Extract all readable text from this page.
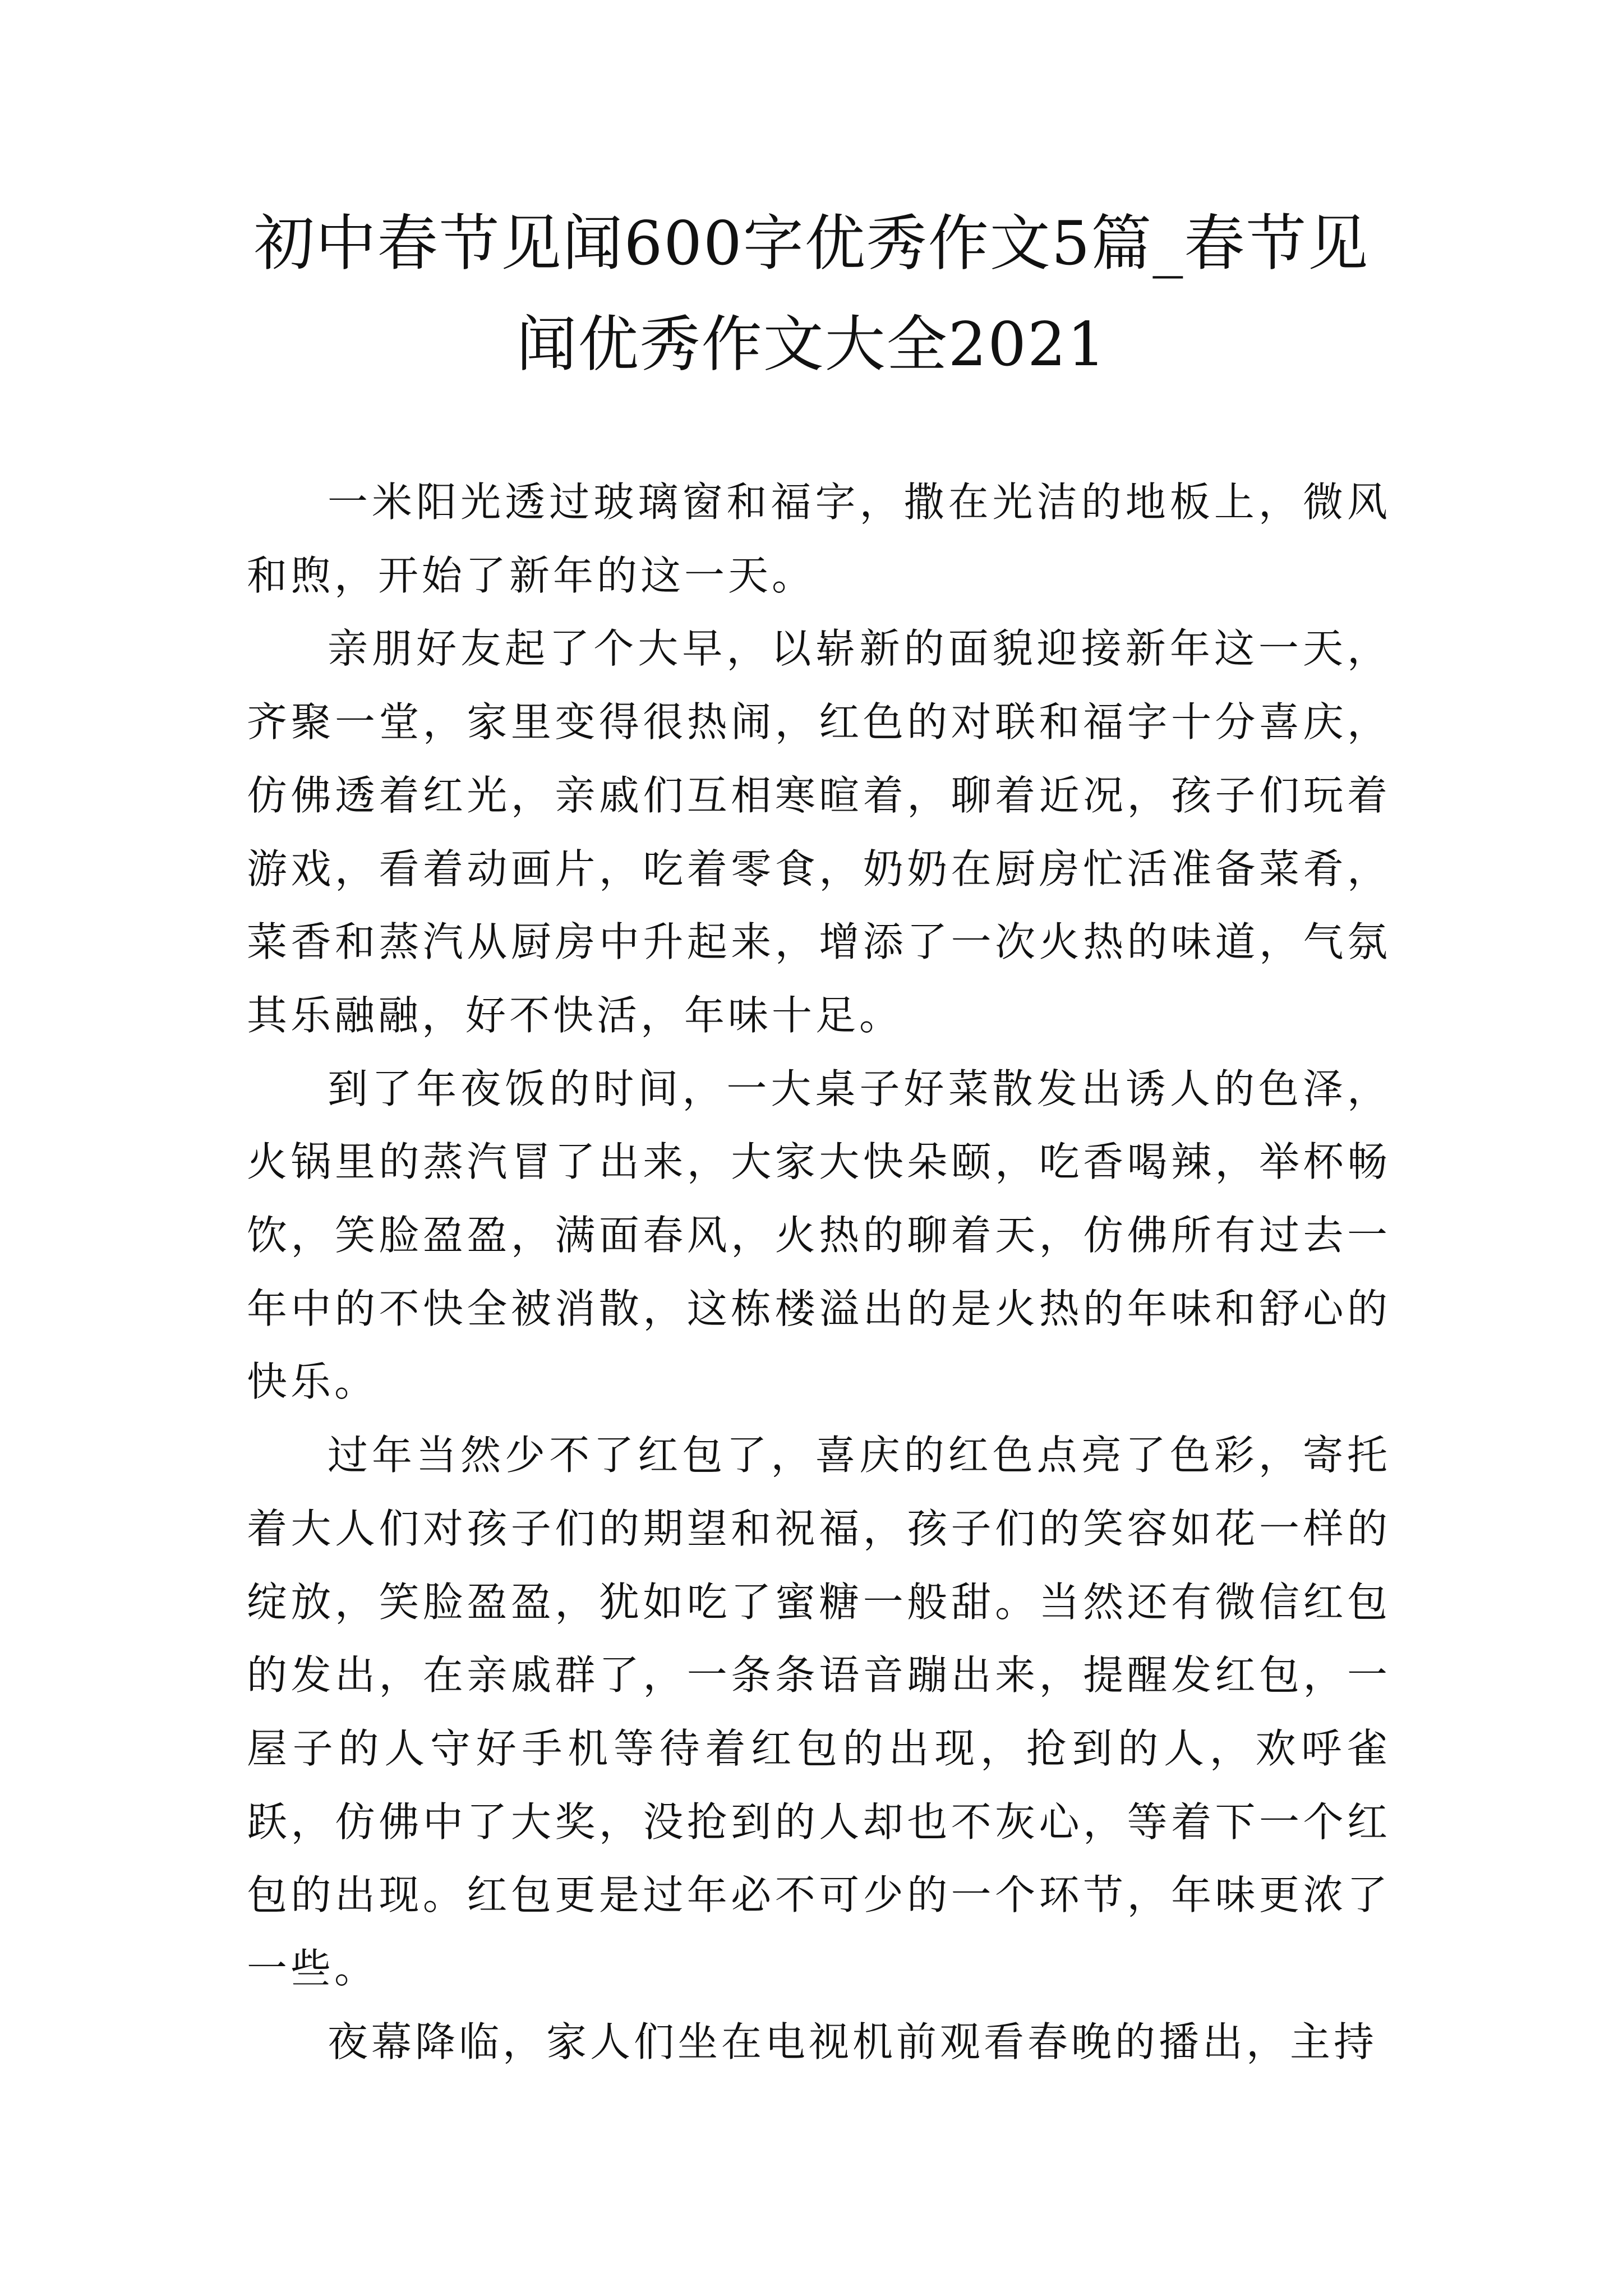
初中春节见闻600字优秀作文5篇_春节见闻优秀作文大全2021

一米阳光透过玻璃窗和福字，撒在光洁的地板上，微风和煦，开始了新年的这一天。

亲朋好友起了个大早，以崭新的面貌迎接新年这一天，齐聚一堂，家里变得很热闹，红色的对联和福字十分喜庆，仿佛透着红光，亲戚们互相寒暄着，聊着近况，孩子们玩着游戏，看着动画片，吃着零食，奶奶在厨房忙活准备菜肴，菜香和蒸汽从厨房中升起来，增添了一次火热的味道，气氛其乐融融，好不快活，年味十足。

到了年夜饭的时间，一大桌子好菜散发出诱人的色泽，火锅里的蒸汽冒了出来，大家大快朵颐，吃香喝辣，举杯畅饮，笑脸盈盈，满面春风，火热的聊着天，仿佛所有过去一年中的不快全被消散，这栋楼溢出的是火热的年味和舒心的快乐。

过年当然少不了红包了，喜庆的红色点亮了色彩，寄托着大人们对孩子们的期望和祝福，孩子们的笑容如花一样的绽放，笑脸盈盈，犹如吃了蜜糖一般甜。当然还有微信红包的发出，在亲戚群了，一条条语音蹦出来，提醒发红包，一屋子的人守好手机等待着红包的出现，抢到的人，欢呼雀跃，仿佛中了大奖，没抢到的人却也不灰心，等着下一个红包的出现。红包更是过年必不可少的一个环节，年味更浓了一些。

夜幕降临，家人们坐在电视机前观看春晚的播出，主持
